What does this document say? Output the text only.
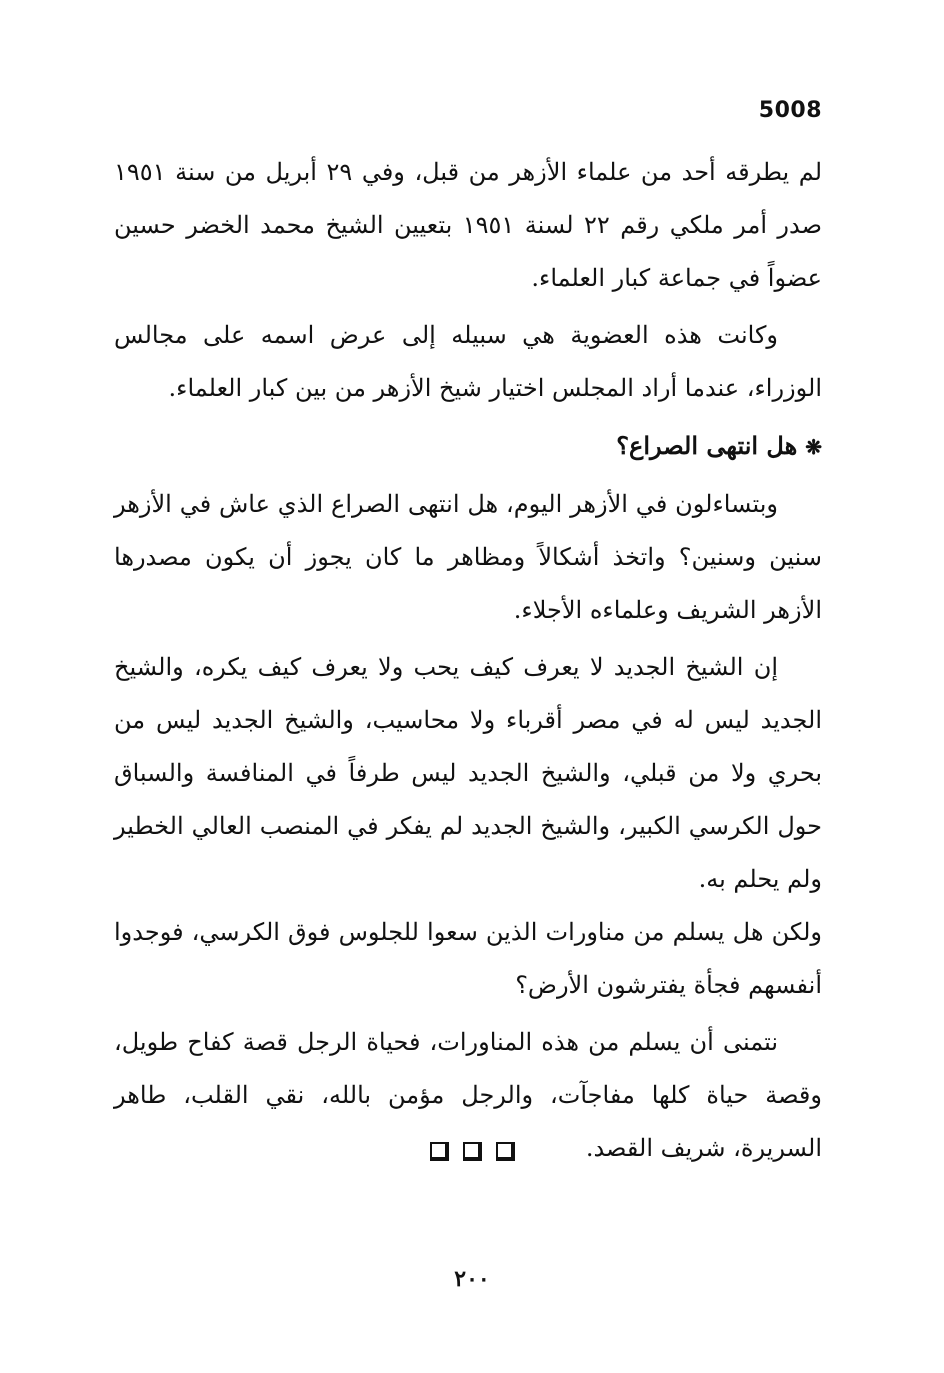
5008

لم يطرقه أحد من علماء الأزهر من قبل، وفي ٢٩ أبريل من سنة ١٩٥١ صدر أمر ملكي رقم ٢٢ لسنة ١٩٥١ بتعيين الشيخ محمد الخضر حسين عضواً في جماعة كبار العلماء.

وكانت هذه العضوية هي سبيله إلى عرض اسمه على مجالس الوزراء، عندما أراد المجلس اختيار شيخ الأزهر من بين كبار العلماء.

❋هل انتهى الصراع؟

وبتساءلون في الأزهر اليوم، هل انتهى الصراع الذي عاش في الأزهر سنين وسنين؟ واتخذ أشكالاً ومظاهر ما كان يجوز أن يكون مصدرها الأزهر الشريف وعلماءه الأجلاء.

إن الشيخ الجديد لا يعرف كيف يحب ولا يعرف كيف يكره، والشيخ الجديد ليس له في مصر أقرباء ولا محاسيب، والشيخ الجديد ليس من بحري ولا من قبلي، والشيخ الجديد ليس طرفاً في المنافسة والسباق حول الكرسي الكبير، والشيخ الجديد لم يفكر في المنصب العالي الخطير ولم يحلم به.

ولكن هل يسلم من مناورات الذين سعوا للجلوس فوق الكرسي، فوجدوا أنفسهم فجأة يفترشون الأرض؟

نتمنى أن يسلم من هذه المناورات، فحياة الرجل قصة كفاح طويل، وقصة حياة كلها مفاجآت، والرجل مؤمن بالله، نقي القلب، طاهر السريرة، شريف القصد.

٢٠٠
